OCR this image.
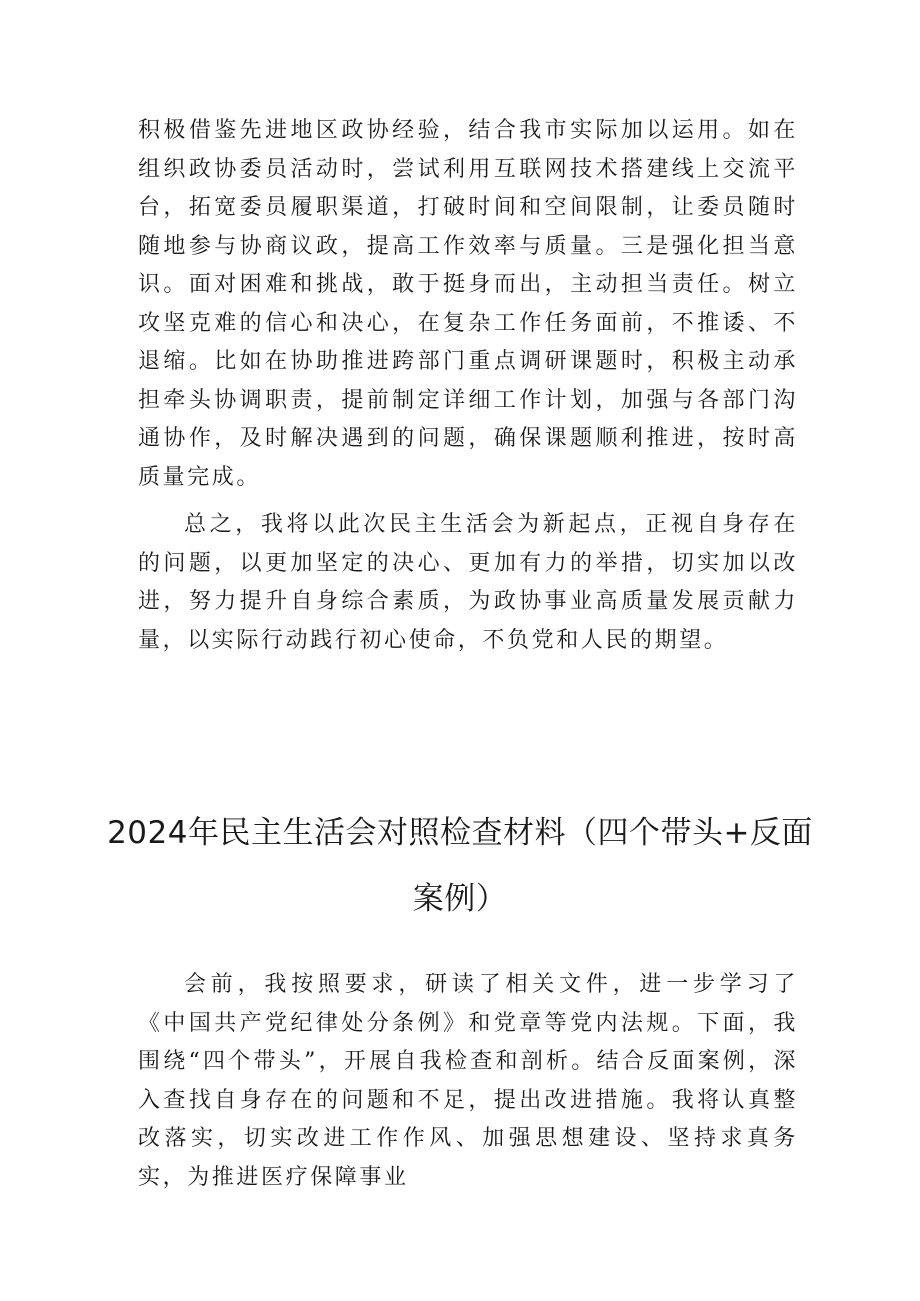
积极借鉴先进地区政协经验，结合我市实际加以运用。如在组织政协委员活动时，尝试利用互联网技术搭建线上交流平台，拓宽委员履职渠道，打破时间和空间限制，让委员随时随地参与协商议政，提高工作效率与质量。三是强化担当意识。面对困难和挑战，敢于挺身而出，主动担当责任。树立攻坚克难的信心和决心，在复杂工作任务面前，不推诿、不退缩。比如在协助推进跨部门重点调研课题时，积极主动承担牵头协调职责，提前制定详细工作计划，加强与各部门沟通协作，及时解决遇到的问题，确保课题顺利推进，按时高质量完成。

总之，我将以此次民主生活会为新起点，正视自身存在的问题，以更加坚定的决心、更加有力的举措，切实加以改进，努力提升自身综合素质，为政协事业高质量发展贡献力量，以实际行动践行初心使命，不负党和人民的期望。

2024年民主生活会对照检查材料（四个带头+反面案例）

会前，我按照要求，研读了相关文件，进一步学习了《中国共产党纪律处分条例》和党章等党内法规。下面，我围绕“四个带头”，开展自我检查和剖析。结合反面案例，深入查找自身存在的问题和不足，提出改进措施。我将认真整改落实，切实改进工作作风、加强思想建设、坚持求真务实，为推进医疗保障事业
